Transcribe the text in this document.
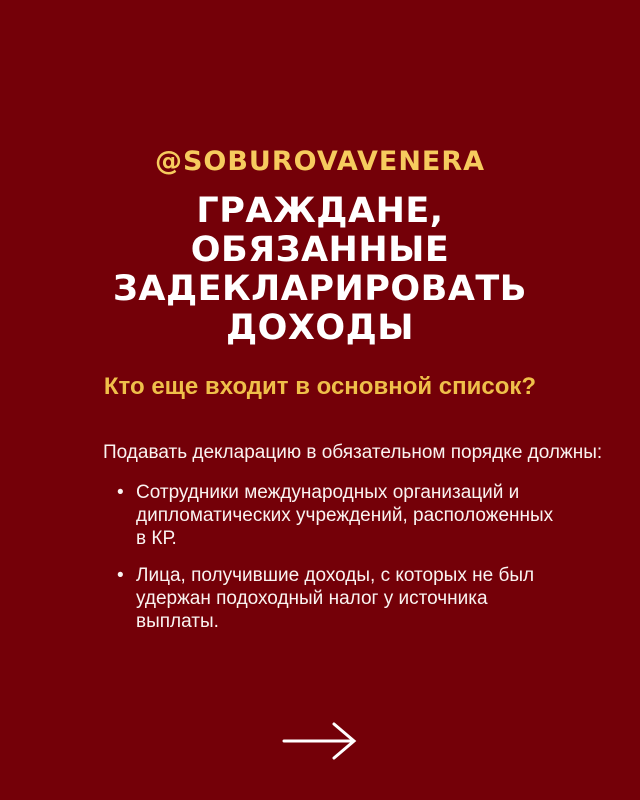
@SOBUROVAVENERA
ГРАЖДАНЕ,
ОБЯЗАННЫЕ
ЗАДЕКЛАРИРОВАТЬ
ДОХОДЫ
Кто еще входит в основной список?

Подавать декларацию в обязательном порядке должны:

• Сотрудники международных организаций и дипломатических учреждений, расположенных в КР.
• Лица, получившие доходы, с которых не был удержан подоходный налог у источника выплаты.
